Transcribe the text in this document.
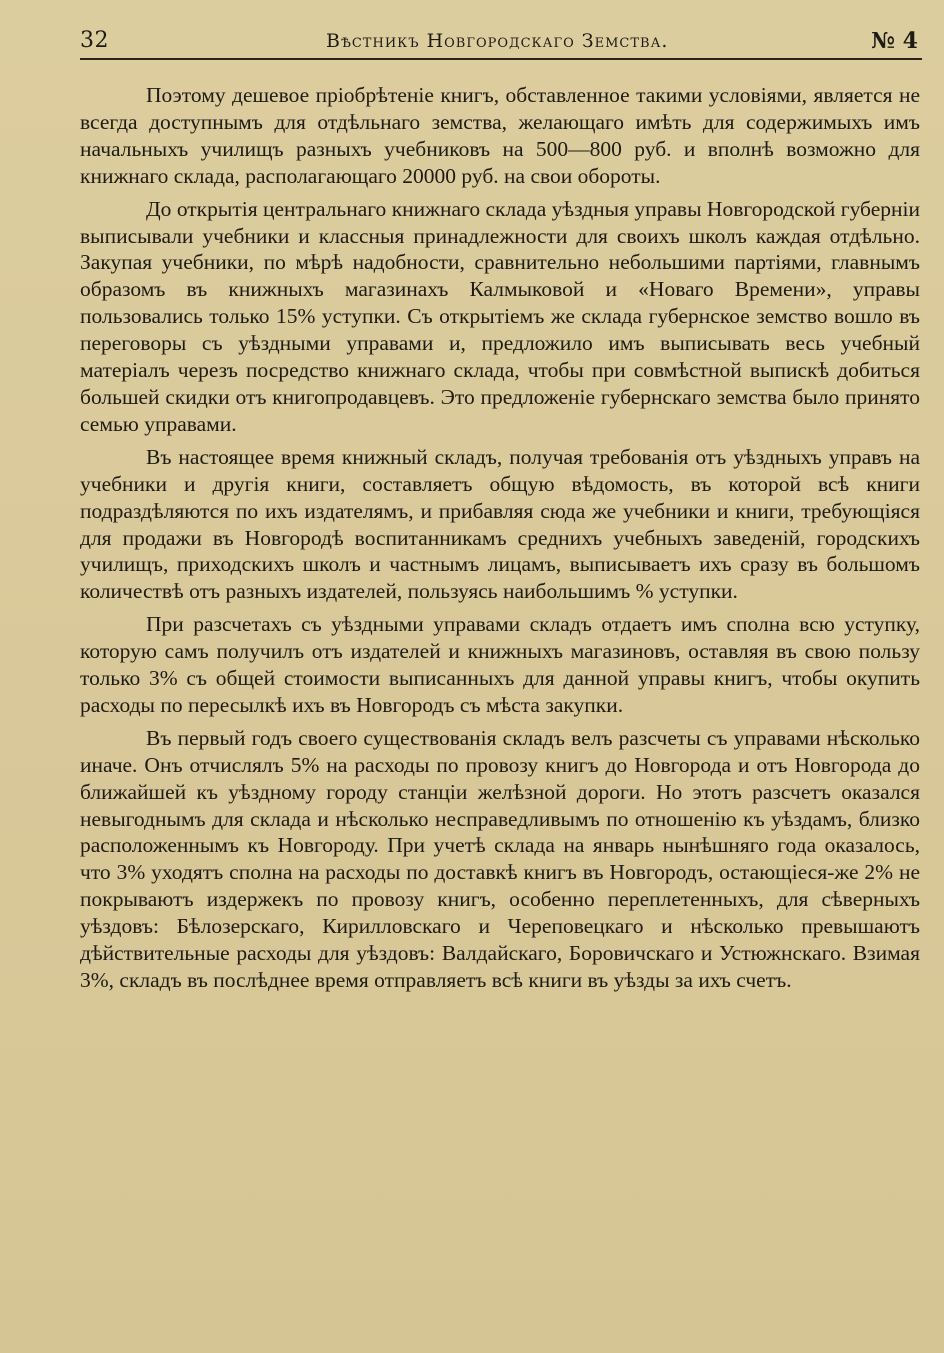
32	Вѣстникъ Новгородскаго Земства.	№ 4

Поэтому дешевое пріобрѣтеніе книгъ, обставленное такими условіями, является не всегда доступнымъ для отдѣльнаго земства, желающаго имѣть для содержимыхъ имъ начальныхъ училищъ разныхъ учебниковъ на 500—800 руб. и вполнѣ возможно для книжнаго склада, располагающаго 20000 руб. на свои обороты.

До открытія центральнаго книжнаго склада уѣздныя управы Новгородской губерніи выписывали учебники и классныя принадлежности для своихъ школъ каждая отдѣльно. Закупая учебники, по мѣрѣ надобности, сравнительно небольшими партіями, главнымъ образомъ въ книжныхъ магазинахъ Калмыковой и «Новаго Времени», управы пользовались только 15% уступки. Съ открытіемъ же склада губернское земство вошло въ переговоры съ уѣздными управами и, предложило имъ выписывать весь учебный матеріалъ черезъ посредство книжнаго склада, чтобы при совмѣстной выпискѣ добиться большей скидки отъ книгопродавцевъ. Это предложеніе губернскаго земства было принято семью управами.

Въ настоящее время книжный складъ, получая требованія отъ уѣздныхъ управъ на учебники и другія книги, составляетъ общую вѣдомость, въ которой всѣ книги подраздѣляются по ихъ издателямъ, и прибавляя сюда же учебники и книги, требующіяся для продажи въ Новгородѣ воспитанникамъ среднихъ учебныхъ заведеній, городскихъ училищъ, приходскихъ школъ и частнымъ лицамъ, выписываетъ ихъ сразу въ большомъ количествѣ отъ разныхъ издателей, пользуясь наибольшимъ % уступки.

При разсчетахъ съ уѣздными управами складъ отдаетъ имъ сполна всю уступку, которую самъ получилъ отъ издателей и книжныхъ магазиновъ, оставляя въ свою пользу только 3% съ общей стоимости выписанныхъ для данной управы книгъ, чтобы окупить расходы по пересылкѣ ихъ въ Новгородъ съ мѣста закупки.

Въ первый годъ своего существованія складъ велъ разсчеты съ управами нѣсколько иначе. Онъ отчислялъ 5% на расходы по провозу книгъ до Новгорода и отъ Новгорода до ближайшей къ уѣздному городу станціи желѣзной дороги. Но этотъ разсчетъ оказался невыгоднымъ для склада и нѣсколько несправедливымъ по отношенію къ уѣздамъ, близко расположеннымъ къ Новгороду. При учетѣ склада на январь нынѣшняго года оказалось, что 3% уходятъ сполна на расходы по доставкѣ книгъ въ Новгородъ, остающіеся-же 2% не покрываютъ издержекъ по провозу книгъ, особенно переплетенныхъ, для сѣверныхъ уѣздовъ: Бѣлозерскаго, Кирилловскаго и Череповецкаго и нѣсколько превышаютъ дѣйствительные расходы для уѣздовъ: Валдайскаго, Боровичскаго и Устюжнскаго. Взимая 3%, складъ въ послѣднее время отправляетъ всѣ книги въ уѣзды за ихъ счетъ.
